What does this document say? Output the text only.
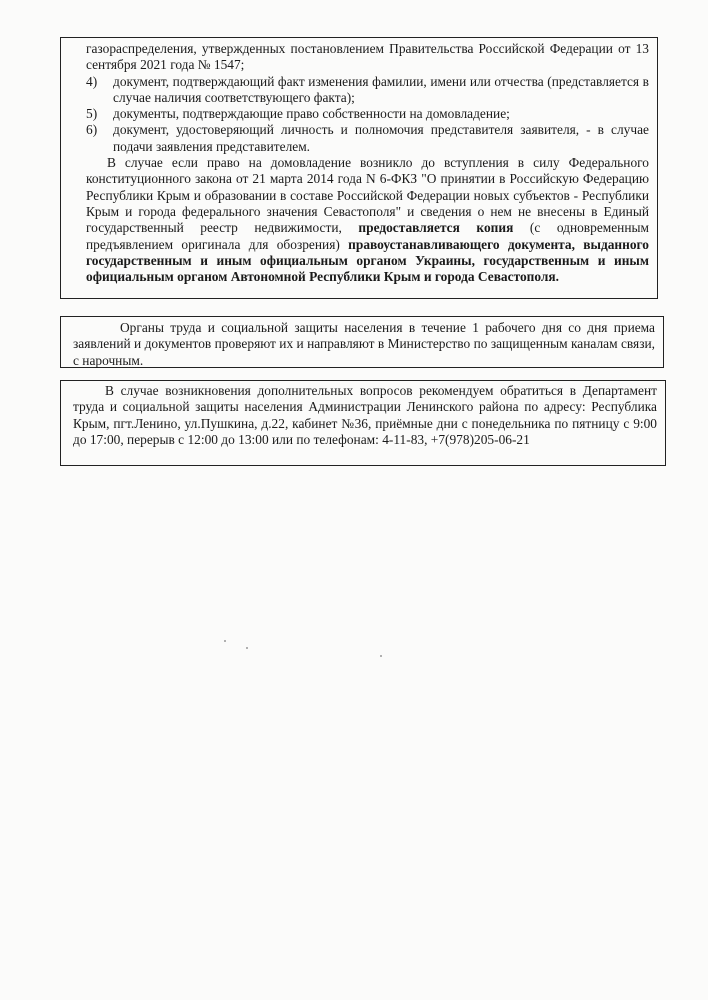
газораспределения, утвержденных постановлением Правительства Российской Федерации от 13 сентября 2021 года № 1547;

4) документ, подтверждающий факт изменения фамилии, имени или отчества (представляется в случае наличия соответствующего факта);

5) документы, подтверждающие право собственности на домовладение;

6) документ, удостоверяющий личность и полномочия представителя заявителя, - в случае подачи заявления представителем.

В случае если право на домовладение возникло до вступления в силу Федерального конституционного закона от 21 марта 2014 года N 6-ФКЗ "О принятии в Российскую Федерацию Республики Крым и образовании в составе Российской Федерации новых субъектов - Республики Крым и города федерального значения Севастополя" и сведения о нем не внесены в Единый государственный реестр недвижимости, предоставляется копия (с одновременным предъявлением оригинала для обозрения) правоустанавливающего документа, выданного государственным и иным официальным органом Украины, государственным и иным официальным органом Автономной Республики Крым и города Севастополя.

Органы труда и социальной защиты населения в течение 1 рабочего дня со дня приема заявлений и документов проверяют их и направляют в Министерство по защищенным каналам связи, с нарочным.

В случае возникновения дополнительных вопросов рекомендуем обратиться в Департамент труда и социальной защиты населения Администрации Ленинского района по адресу: Республика Крым, пгт.Ленино, ул.Пушкина, д.22, кабинет №36, приёмные дни с понедельника по пятницу с 9:00 до 17:00, перерыв с 12:00 до 13:00 или по телефонам: 4-11-83, +7(978)205-06-21
